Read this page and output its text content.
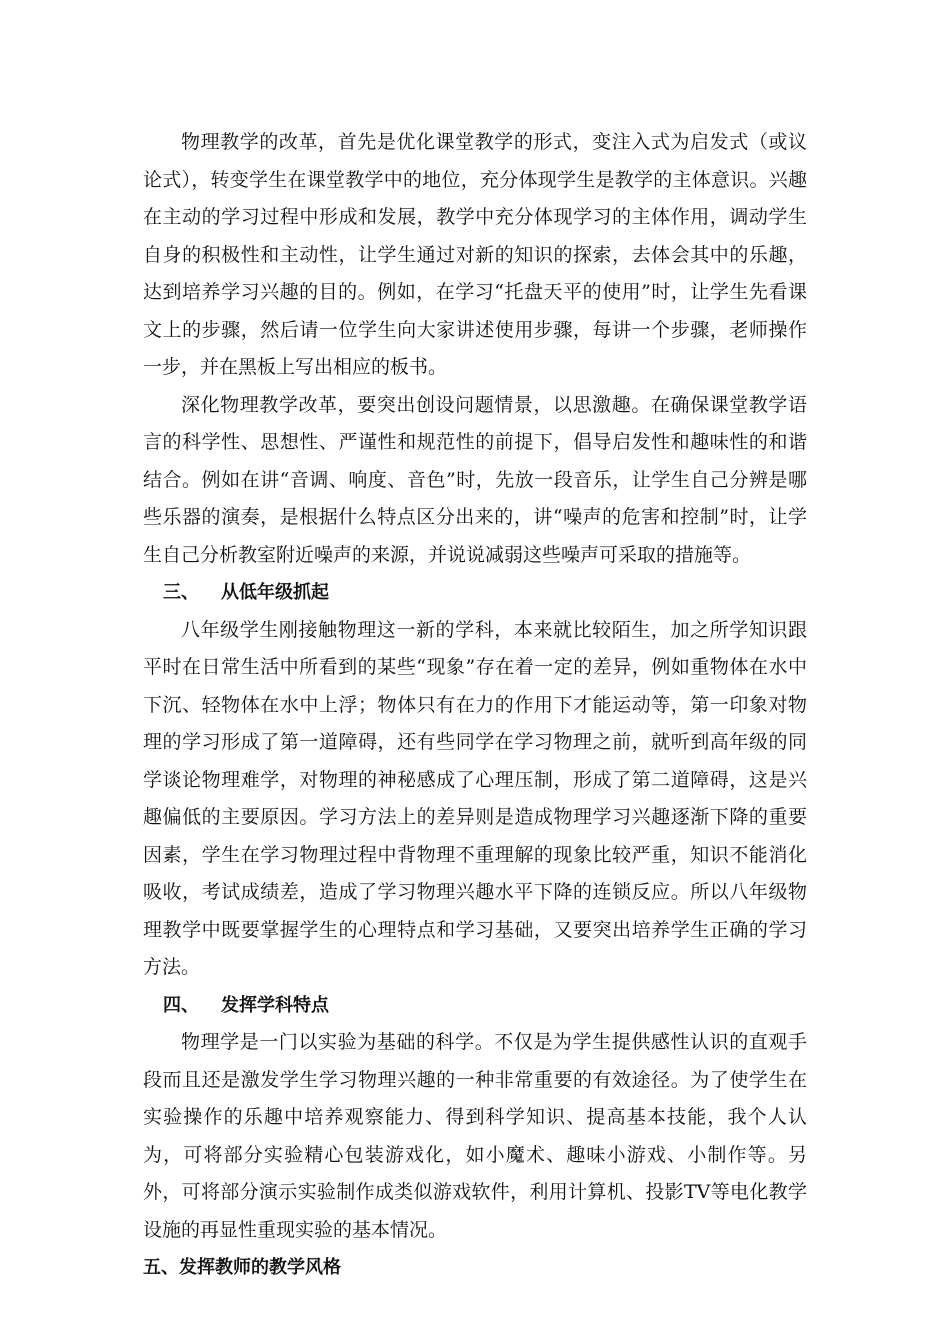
物理教学的改革，首先是优化课堂教学的形式，变注入式为启发式（或议论式），转变学生在课堂教学中的地位，充分体现学生是教学的主体意识。兴趣在主动的学习过程中形成和发展，教学中充分体现学习的主体作用，调动学生自身的积极性和主动性，让学生通过对新的知识的探索，去体会其中的乐趣，达到培养学习兴趣的目的。例如，在学习“托盘天平的使用”时，让学生先看课文上的步骤，然后请一位学生向大家讲述使用步骤，每讲一个步骤，老师操作一步，并在黑板上写出相应的板书。

深化物理教学改革，要突出创设问题情景，以思激趣。在确保课堂教学语言的科学性、思想性、严谨性和规范性的前提下，倡导启发性和趣味性的和谐结合。例如在讲“音调、响度、音色”时，先放一段音乐，让学生自己分辨是哪些乐器的演奏，是根据什么特点区分出来的，讲“噪声的危害和控制”时，让学生自己分析教室附近噪声的来源，并说说减弱这些噪声可采取的措施等。

三、 从低年级抓起

八年级学生刚接触物理这一新的学科，本来就比较陌生，加之所学知识跟平时在日常生活中所看到的某些“现象”存在着一定的差异，例如重物体在水中下沉、轻物体在水中上浮；物体只有在力的作用下才能运动等，第一印象对物理的学习形成了第一道障碍，还有些同学在学习物理之前，就听到高年级的同学谈论物理难学，对物理的神秘感成了心理压制，形成了第二道障碍，这是兴趣偏低的主要原因。学习方法上的差异则是造成物理学习兴趣逐渐下降的重要因素，学生在学习物理过程中背物理不重理解的现象比较严重，知识不能消化吸收，考试成绩差，造成了学习物理兴趣水平下降的连锁反应。所以八年级物理教学中既要掌握学生的心理特点和学习基础，又要突出培养学生正确的学习方法。

四、 发挥学科特点

物理学是一门以实验为基础的科学。不仅是为学生提供感性认识的直观手段而且还是激发学生学习物理兴趣的一种非常重要的有效途径。为了使学生在实验操作的乐趣中培养观察能力、得到科学知识、提高基本技能，我个人认为，可将部分实验精心包装游戏化，如小魔术、趣味小游戏、小制作等。另外，可将部分演示实验制作成类似游戏软件，利用计算机、投影TV等电化教学设施的再显性重现实验的基本情况。

五、发挥教师的教学风格
